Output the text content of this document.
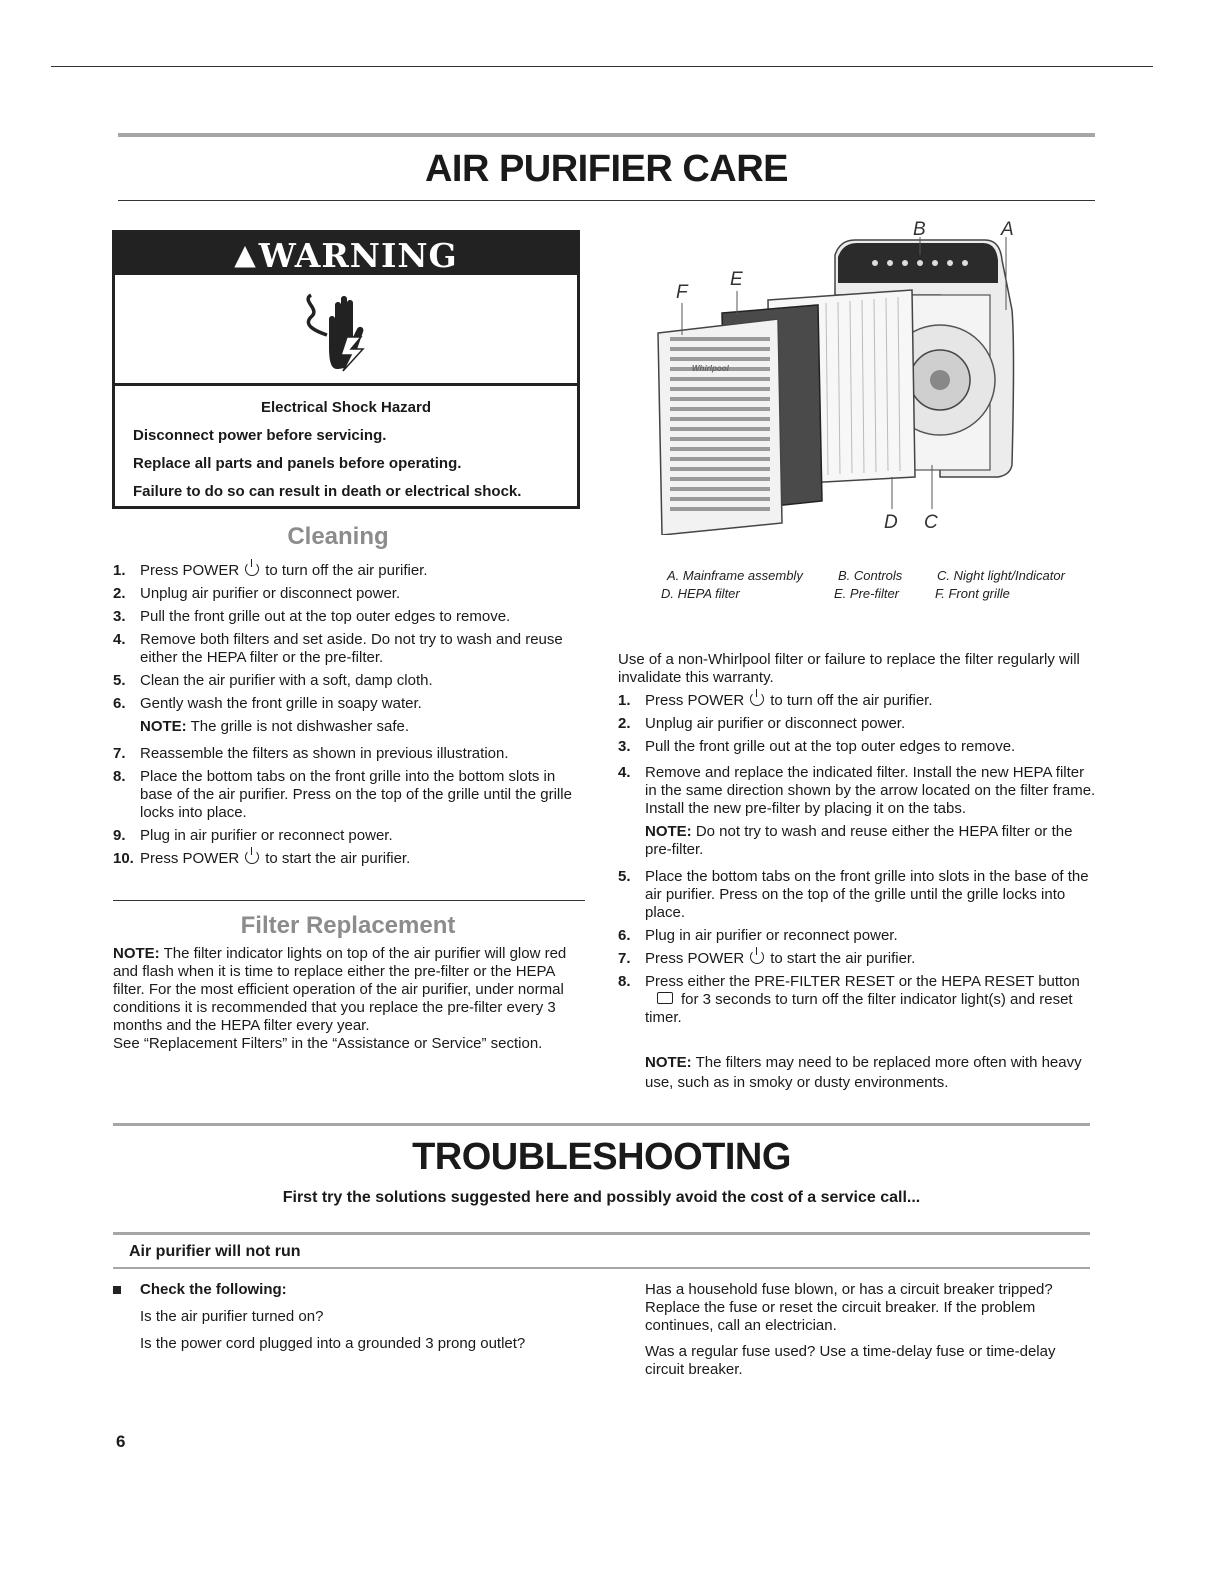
AIR PURIFIER CARE
▲WARNING
Electrical Shock Hazard
Disconnect power before servicing.
Replace all parts and panels before operating.
Failure to do so can result in death or electrical shock.
Cleaning
1. Press POWER to turn off the air purifier.
2. Unplug air purifier or disconnect power.
3. Pull the front grille out at the top outer edges to remove.
4. Remove both filters and set aside. Do not try to wash and reuse either the HEPA filter or the pre-filter.
5. Clean the air purifier with a soft, damp cloth.
6. Gently wash the front grille in soapy water.
NOTE: The grille is not dishwasher safe.
7. Reassemble the filters as shown in previous illustration.
8. Place the bottom tabs on the front grille into the bottom slots in base of the air purifier. Press on the top of the grille until the grille locks into place.
9. Plug in air purifier or reconnect power.
10. Press POWER to start the air purifier.
Filter Replacement
NOTE: The filter indicator lights on top of the air purifier will glow red and flash when it is time to replace either the pre-filter or the HEPA filter. For the most efficient operation of the air purifier, under normal conditions it is recommended that you replace the pre-filter every 3 months and the HEPA filter every year.
See “Replacement Filters” in the “Assistance or Service” section.
B	A
E
F
D C
Whirlpool
A. Mainframe assembly	B. Controls	C. Night light/Indicator
D. HEPA filter	E. Pre-filter	F. Front grille
Use of a non-Whirlpool filter or failure to replace the filter regularly will invalidate this warranty.
1. Press POWER to turn off the air purifier.
2. Unplug air purifier or disconnect power.
3. Pull the front grille out at the top outer edges to remove.
4. Remove and replace the indicated filter. Install the new HEPA filter in the same direction shown by the arrow located on the filter frame. Install the new pre-filter by placing it on the tabs.
NOTE: Do not try to wash and reuse either the HEPA filter or the pre-filter.
5. Place the bottom tabs on the front grille into slots in the base of the air purifier. Press on the top of the grille until the grille locks into place.
6. Plug in air purifier or reconnect power.
7. Press POWER to start the air purifier.
8. Press either the PRE-FILTER RESET or the HEPA RESET buttonfor 3 seconds to turn off the filter indicator light(s) and reset timer.
NOTE: The filters may need to be replaced more often with heavy use, such as in smoky or dusty environments.
TROUBLESHOOTING
First try the solutions suggested here and possibly avoid the cost of a service call...
Air purifier will not run
Check the following:
Is the air purifier turned on?
Is the power cord plugged into a grounded 3 prong outlet?
Has a household fuse blown, or has a circuit breaker tripped? Replace the fuse or reset the circuit breaker. If the problem continues, call an electrician.
Was a regular fuse used? Use a time-delay fuse or time-delay circuit breaker.
6
